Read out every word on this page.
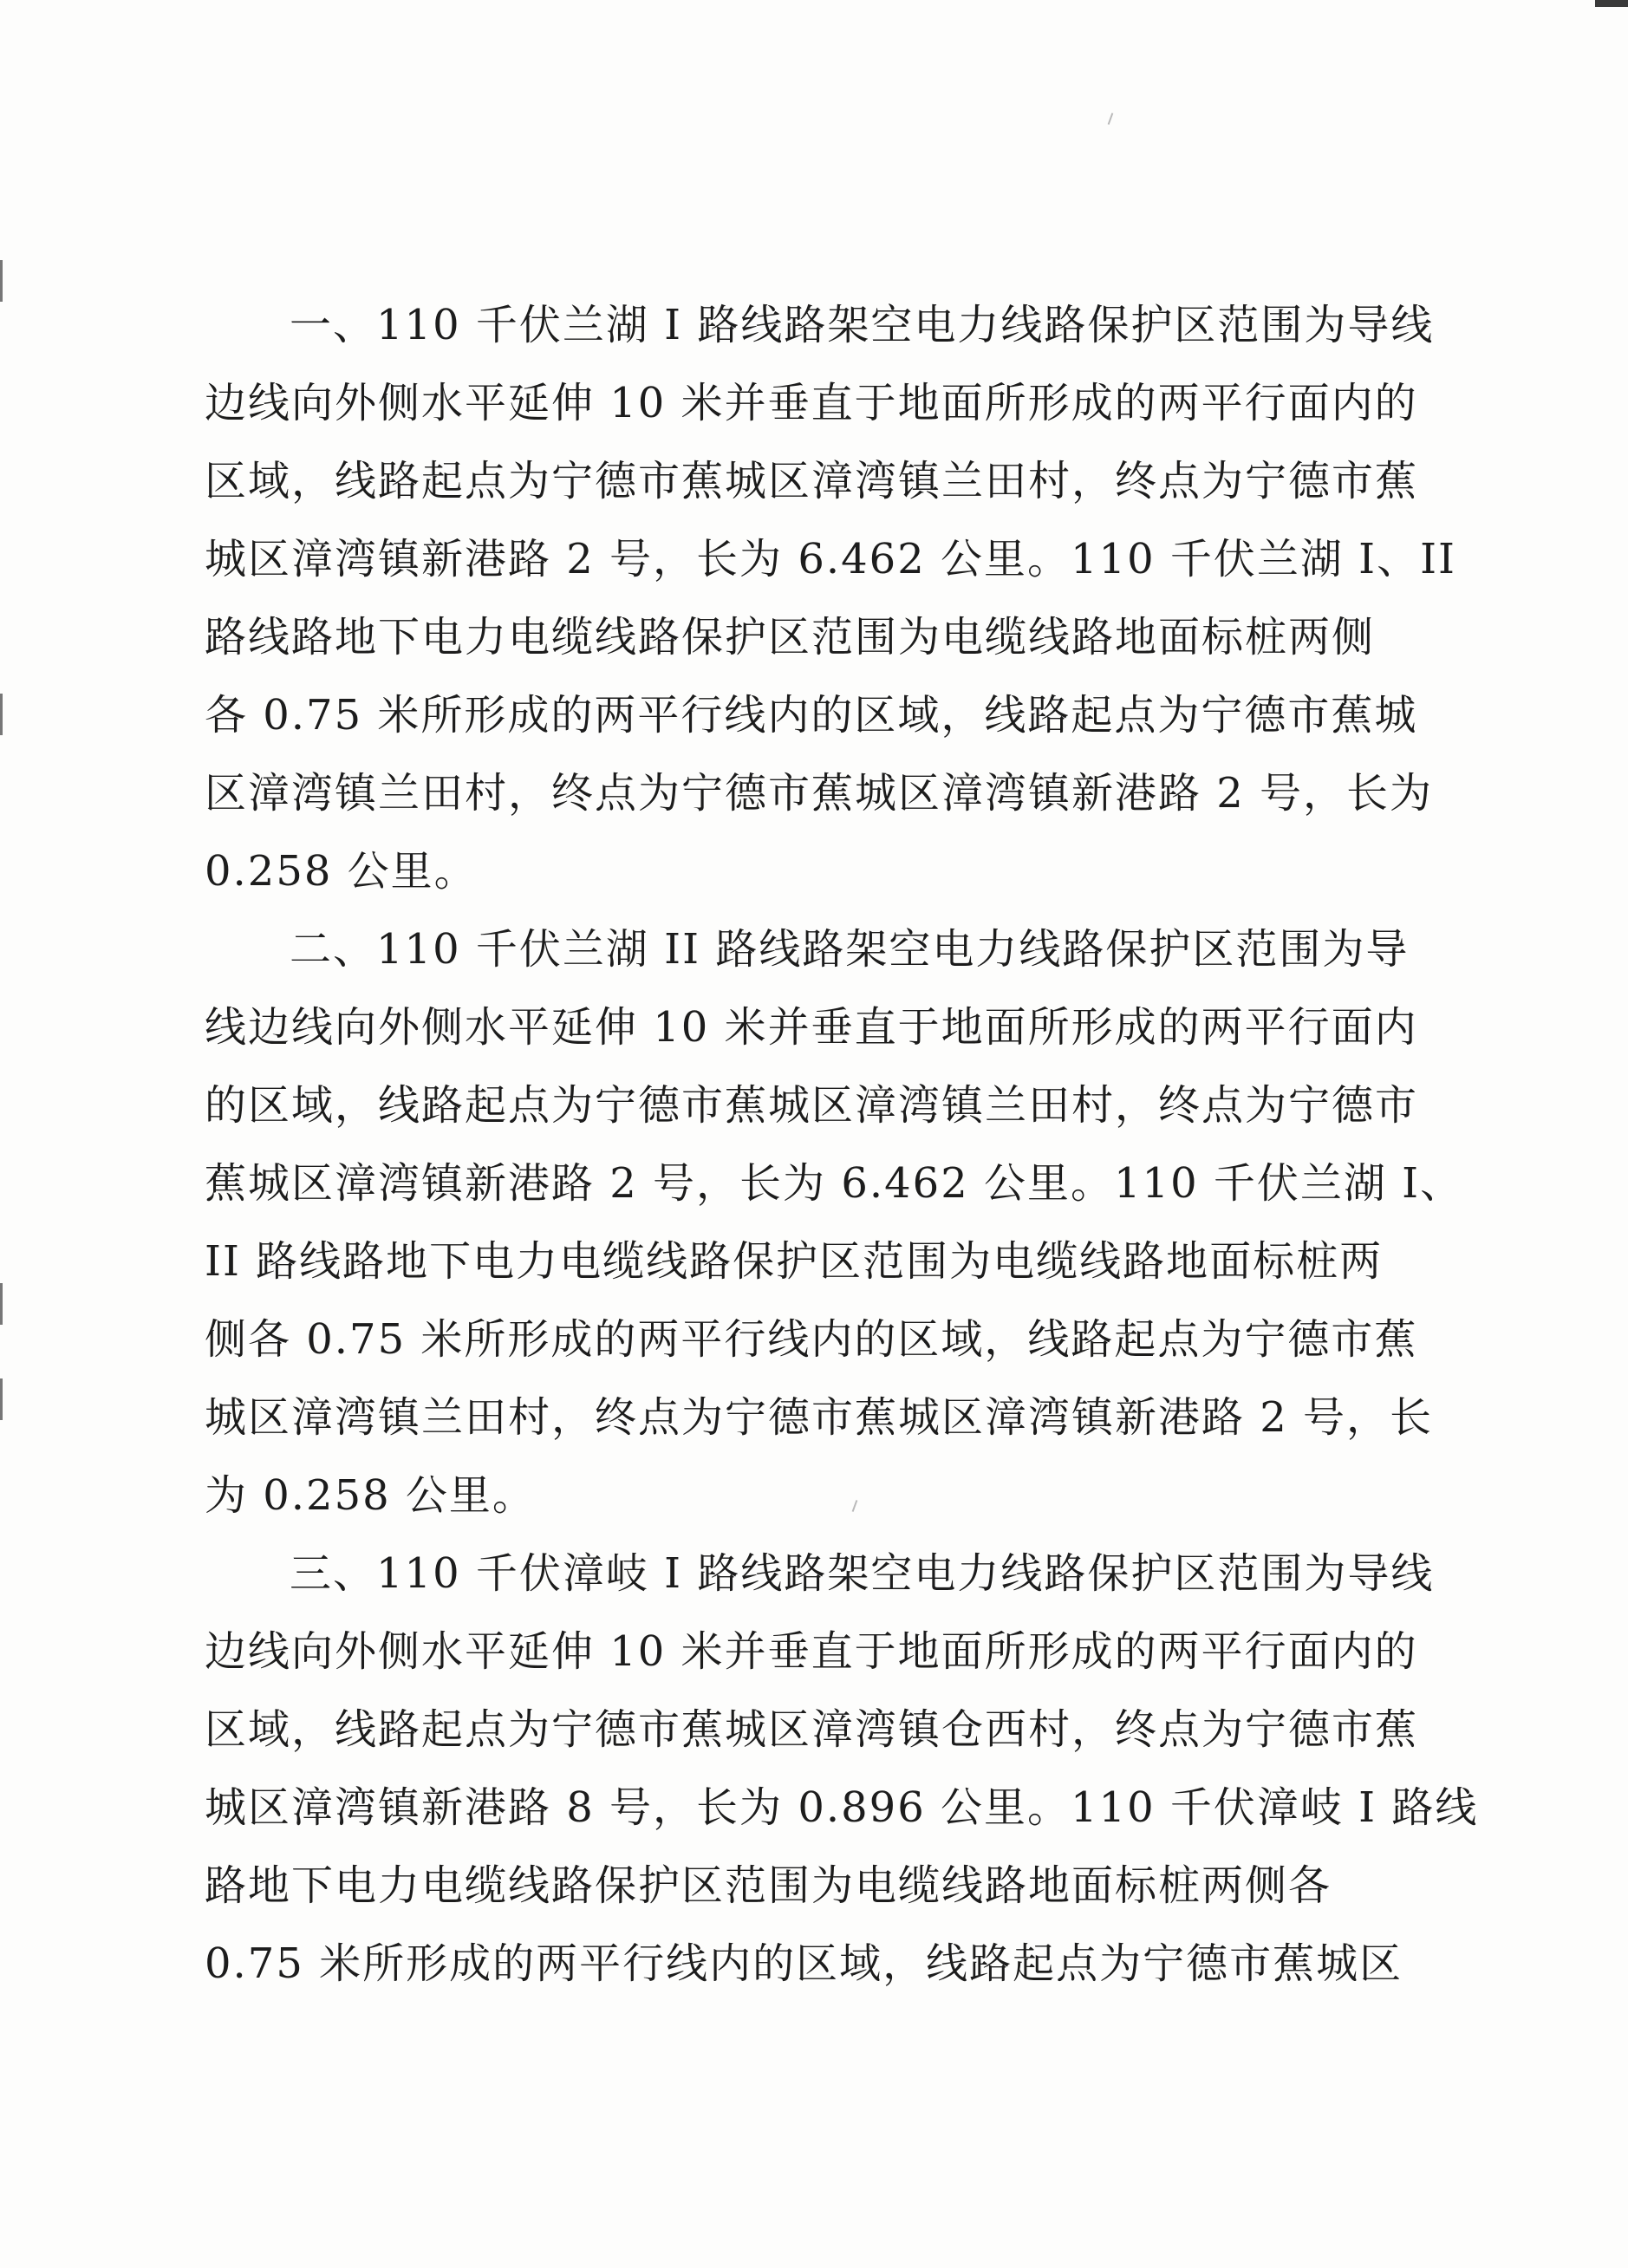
一、110 千伏兰湖 I 路线路架空电力线路保护区范围为导线
边线向外侧水平延伸 10 米并垂直于地面所形成的两平行面内的
区域，线路起点为宁德市蕉城区漳湾镇兰田村，终点为宁德市蕉
城区漳湾镇新港路 2 号，长为 6.462 公里。110 千伏兰湖 I、II
路线路地下电力电缆线路保护区范围为电缆线路地面标桩两侧
各 0.75 米所形成的两平行线内的区域，线路起点为宁德市蕉城
区漳湾镇兰田村，终点为宁德市蕉城区漳湾镇新港路 2 号，长为
0.258 公里。
二、110 千伏兰湖 II 路线路架空电力线路保护区范围为导
线边线向外侧水平延伸 10 米并垂直于地面所形成的两平行面内
的区域，线路起点为宁德市蕉城区漳湾镇兰田村，终点为宁德市
蕉城区漳湾镇新港路 2 号，长为 6.462 公里。110 千伏兰湖 I、
II 路线路地下电力电缆线路保护区范围为电缆线路地面标桩两
侧各 0.75 米所形成的两平行线内的区域，线路起点为宁德市蕉
城区漳湾镇兰田村，终点为宁德市蕉城区漳湾镇新港路 2 号，长
为 0.258 公里。
三、110 千伏漳岐 I 路线路架空电力线路保护区范围为导线
边线向外侧水平延伸 10 米并垂直于地面所形成的两平行面内的
区域，线路起点为宁德市蕉城区漳湾镇仓西村，终点为宁德市蕉
城区漳湾镇新港路 8 号，长为 0.896 公里。110 千伏漳岐 I 路线
路地下电力电缆线路保护区范围为电缆线路地面标桩两侧各
0.75 米所形成的两平行线内的区域，线路起点为宁德市蕉城区
